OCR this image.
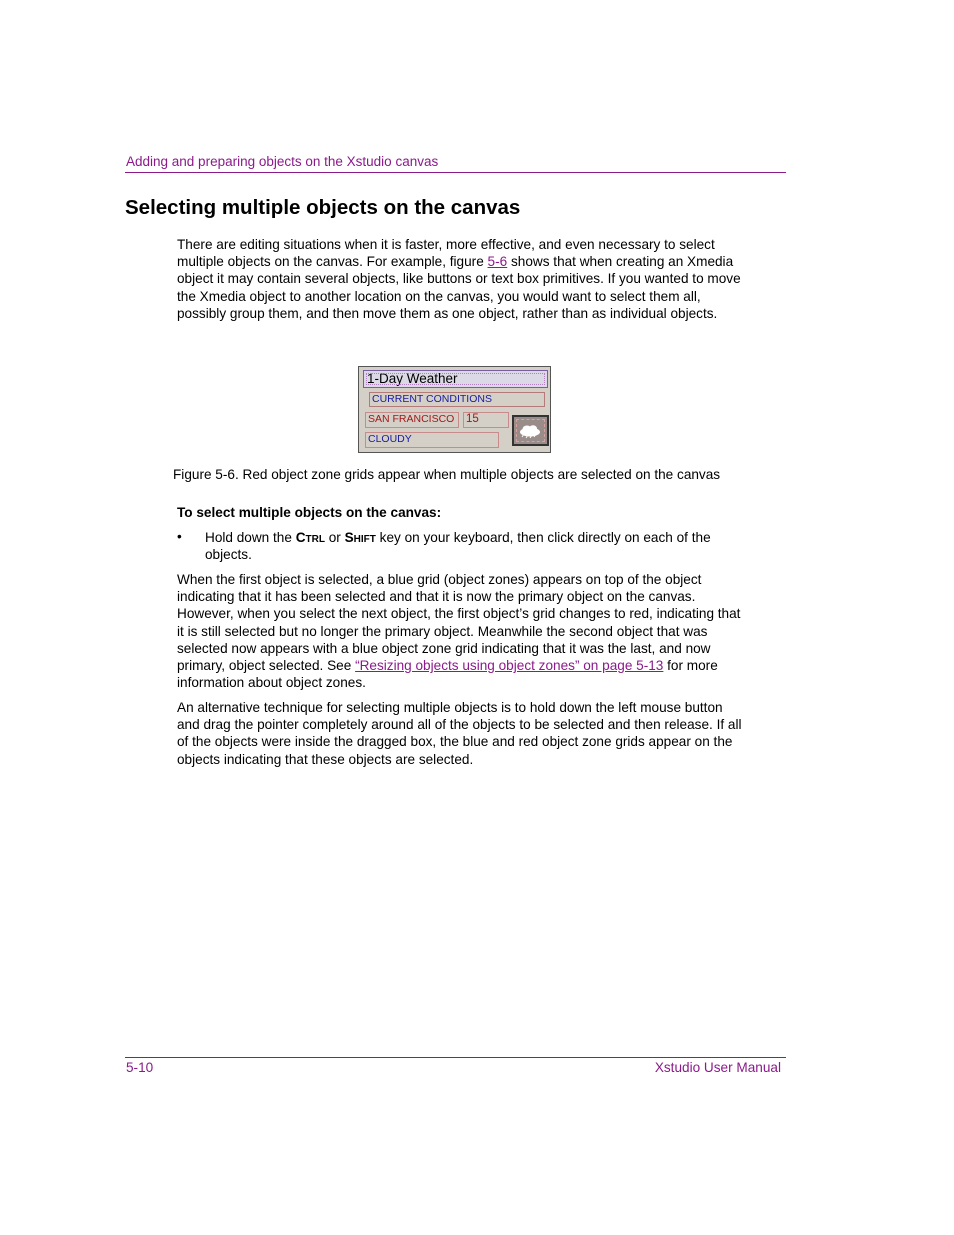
Adding and preparing objects on the Xstudio canvas
Selecting multiple objects on the canvas

There are editing situations when it is faster, more effective, and even necessary to select multiple objects on the canvas. For example, figure 5-6 shows that when creating an Xmedia object it may contain several objects, like buttons or text box primitives. If you wanted to move the Xmedia object to another location on the canvas, you would want to select them all, possibly group them, and then move them as one object, rather than as individual objects.

1-Day Weather
CURRENT CONDITIONS
SAN FRANCISCO	15
CLOUDY

Figure 5-6. Red object zone grids appear when multiple objects are selected on the canvas

To select multiple objects on the canvas:

• Hold down the Ctrl or Shift key on your keyboard, then click directly on each of the objects.

When the first object is selected, a blue grid (object zones) appears on top of the object indicating that it has been selected and that it is now the primary object on the canvas. However, when you select the next object, the first object’s grid changes to red, indicating that it is still selected but no longer the primary object. Meanwhile the second object that was selected now appears with a blue object zone grid indicating that it was the last, and now primary, object selected. See “Resizing objects using object zones” on page 5-13 for more information about object zones.

An alternative technique for selecting multiple objects is to hold down the left mouse button and drag the pointer completely around all of the objects to be selected and then release. If all of the objects were inside the dragged box, the blue and red object zone grids appear on the objects indicating that these objects are selected.

5-10	Xstudio User Manual
